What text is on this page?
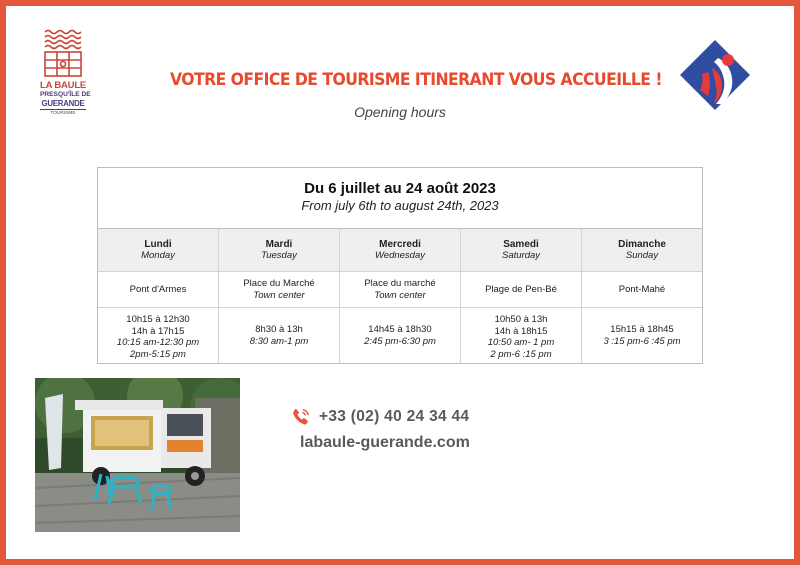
LA BAULE
PRESQU'ÎLE DE
GUERANDE
TOURISME
VOTRE OFFICE DE TOURISME ITINERANT VOUS ACCUEILLE !
Opening hours
Du 6 juillet au 24 août 2023
From july 6th to august 24th, 2023
Lundi
Monday
Mardi
Tuesday
Mercredi
Wednesday
Samedi
Saturday
Dimanche
Sunday
Pont d'Armes
Place du Marché
Town center
Place du marché
Town center
Plage de Pen-Bé	Pont-Mahé
10h15 à 12h30
14h à 17h15
10:15 am-12:30 pm
2pm-5:15 pm
8h30 à 13h
8:30 am-1 pm
14h45 à 18h30
2:45 pm-6:30 pm
10h50 à 13h
14h à 18h15
10:50 am- 1 pm
2 pm-6 :15 pm
15h15 à 18h45
3 :15 pm-6 :45 pm
+33 (02) 40 24 34 44
labaule-guerande.com
